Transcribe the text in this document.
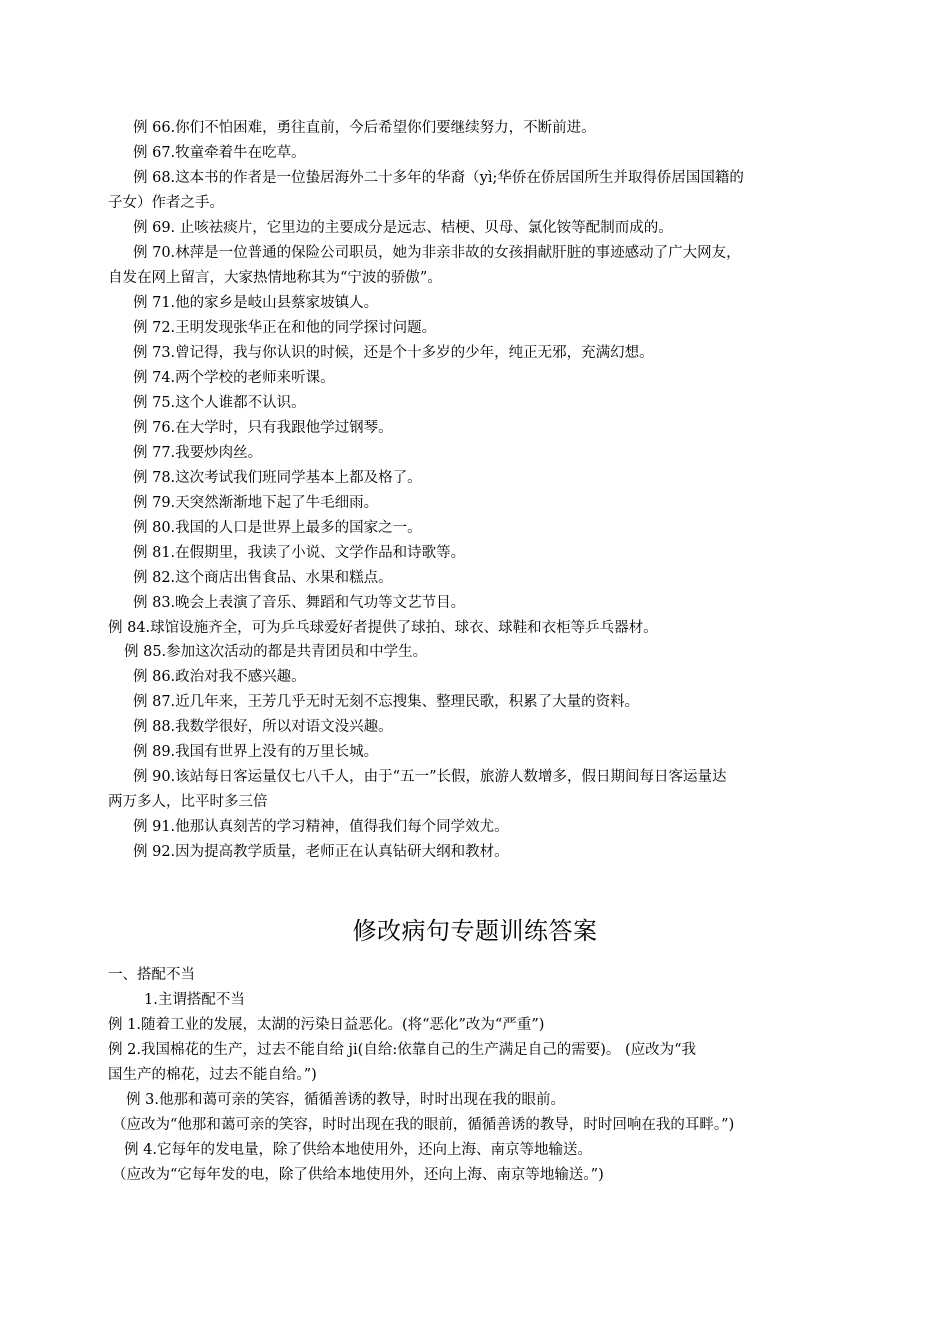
例 66.你们不怕困难，勇往直前，今后希望你们要继续努力，不断前进。
例 67.牧童牵着牛在吃草。
例 68.这本书的作者是一位蛰居海外二十多年的华裔（yì;华侨在侨居国所生并取得侨居国国籍的
子女）作者之手。
例 69. 止咳祛痰片，它里边的主要成分是远志、桔梗、贝母、氯化铵等配制而成的。
例 70.林萍是一位普通的保险公司职员，她为非亲非故的女孩捐献肝脏的事迹感动了广大网友，
自发在网上留言，大家热情地称其为“宁波的骄傲”。
例 71.他的家乡是岐山县蔡家坡镇人。
例 72.王明发现张华正在和他的同学探讨问题。
例 73.曾记得，我与你认识的时候，还是个十多岁的少年，纯正无邪，充满幻想。
例 74.两个学校的老师来听课。
例 75.这个人谁都不认识。
例 76.在大学时，只有我跟他学过钢琴。
例 77.我要炒肉丝。
例 78.这次考试我们班同学基本上都及格了。
例 79.天突然渐渐地下起了牛毛细雨。
例 80.我国的人口是世界上最多的国家之一。
例 81.在假期里，我读了小说、文学作品和诗歌等。
例 82.这个商店出售食品、水果和糕点。
例 83.晚会上表演了音乐、舞蹈和气功等文艺节目。
例 84.球馆设施齐全，可为乒乓球爱好者提供了球拍、球衣、球鞋和衣柜等乒乓器材。
例 85.参加这次活动的都是共青团员和中学生。
例 86.政治对我不感兴趣。
例 87.近几年来，王芳几乎无时无刻不忘搜集、整理民歌，积累了大量的资料。
例 88.我数学很好，所以对语文没兴趣。
例 89.我国有世界上没有的万里长城。
例 90.该站每日客运量仅七八千人，由于“五一”长假，旅游人数增多，假日期间每日客运量达
两万多人，比平时多三倍
例 91.他那认真刻苦的学习精神，值得我们每个同学效尤。
例 92.因为提高教学质量，老师正在认真钻研大纲和教材。
修改病句专题训练答案
一、搭配不当
1.主谓搭配不当
例 1.随着工业的发展，太湖的污染日益恶化。(将“恶化”改为“严重”)
例 2.我国棉花的生产，过去不能自给 ji(自给:依靠自己的生产满足自己的需要)。 (应改为“我
国生产的棉花，过去不能自给。”)
例 3.他那和蔼可亲的笑容，循循善诱的教导，时时出现在我的眼前。
（应改为“他那和蔼可亲的笑容，时时出现在我的眼前，循循善诱的教导，时时回响在我的耳畔。”)
例 4.它每年的发电量，除了供给本地使用外，还向上海、南京等地输送。
（应改为“它每年发的电，除了供给本地使用外，还向上海、南京等地输送。”)
